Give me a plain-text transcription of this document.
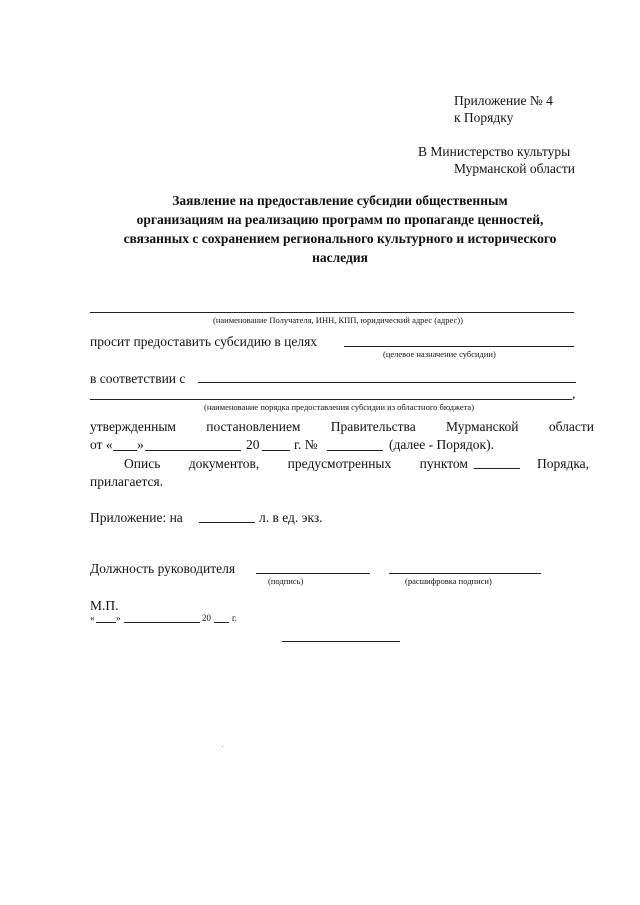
Приложение № 4
к Порядку
В Министерство культуры
Мурманской области
Заявление на предоставление субсидии общественным
организациям на реализацию программ по пропаганде ценностей,
связанных с сохранением регионального культурного и исторического
наследия
(наименование Получателя, ИНН, КПП, юридический адрес (адрес))
просит предоставить субсидию в целях
(целевое назначение субсидии)
в соответствии с
,
(наименование порядка предоставления субсидии из областного бюджета)
утвержденным постановлением Правительства Мурманской области
от « »	20	г. №	(далее - Порядок).
Опись документов, предусмотренных пунктом	Порядка,
прилагается.
Приложение: на	л. в ед. экз.
Должность руководителя
(подпись)	(расшифровка подписи)
М.П.
« »	20 г.
